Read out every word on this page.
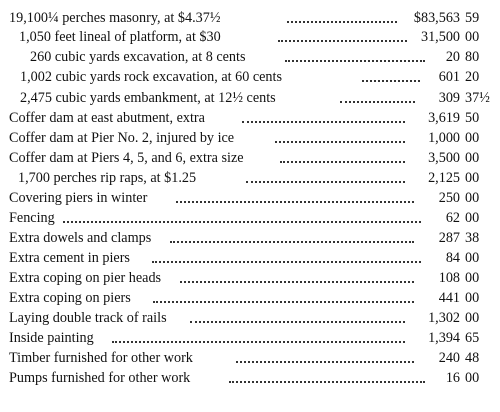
19,100¼ perches masonry, at $4.37½	$83,563 59
1,050 feet lineal of platform, at $30	31,500 00
260 cubic yards excavation, at 8 cents	20 80
1,002 cubic yards rock excavation, at 60 cents	601 20
2,475 cubic yards embankment, at 12½ cents	309 37½
Coffer dam at east abutment, extra	3,619 50
Coffer dam at Pier No. 2, injured by ice	1,000 00
Coffer dam at Piers 4, 5, and 6, extra size	3,500 00
1,700 perches rip raps, at $1.25	2,125 00
Covering piers in winter	250 00
Fencing	62 00
Extra dowels and clamps	287 38
Extra cement in piers	84 00
Extra coping on pier heads	108 00
Extra coping on piers	441 00
Laying double track of rails	1,302 00
Inside painting	1,394 65
Timber furnished for other work	240 48
Pumps furnished for other work	16 00
